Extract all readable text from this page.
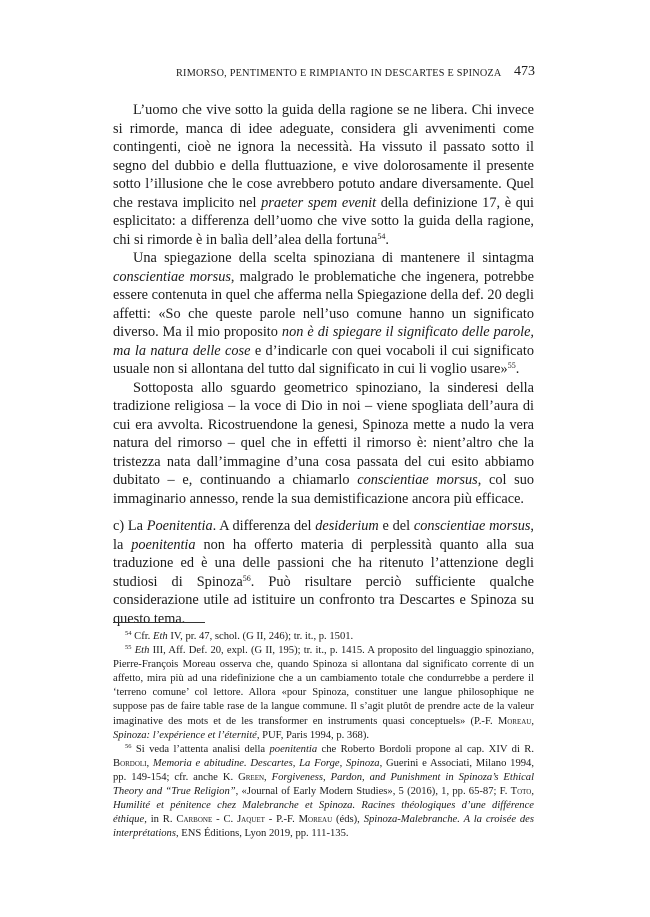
RIMORSO, PENTIMENTO E RIMPIANTO IN DESCARTES E SPINOZA 473

L’uomo che vive sotto la guida della ragione se ne libera. Chi invece si rimorde, manca di idee adeguate, considera gli avvenimenti come contingenti, cioè ne ignora la necessità. Ha vissuto il passato sotto il segno del dubbio e della fluttuazione, e vive dolorosamente il presente sotto l’illusione che le cose avrebbero potuto andare diversamente. Quel che restava implicito nel praeter spem evenit della definizione 17, è qui esplicitato: a differenza dell’uomo che vive sotto la guida della ragione, chi si rimorde è in balìa dell’alea della fortuna$^{54}$.

Una spiegazione della scelta spinoziana di mantenere il sintagma conscientiae morsus, malgrado le problematiche che ingenera, potrebbe essere contenuta in quel che afferma nella Spiegazione della def. 20 degli affetti: «So che queste parole nell’uso comune hanno un significato diverso. Ma il mio proposito non è di spiegare il significato delle parole, ma la natura delle cose e d’indicarle con quei vocaboli il cui significato usuale non si allontana del tutto dal significato in cui li voglio usare»$^{55}$.

Sottoposta allo sguardo geometrico spinoziano, la sinderesi della tradizione religiosa – la voce di Dio in noi – viene spogliata dell’aura di cui era avvolta. Ricostruendone la genesi, Spinoza mette a nudo la vera natura del rimorso – quel che in effetti il rimorso è: nient’altro che la tristezza nata dall’immagine d’una cosa passata del cui esito abbiamo dubitato – e, continuando a chiamarlo conscientiae morsus, col suo immaginario annesso, rende la sua demistificazione ancora più efficace.

c) La Poenitentia. A differenza del desiderium e del conscientiae morsus, la poenitentia non ha offerto materia di perplessità quanto alla sua traduzione ed è una delle passioni che ha ritenuto l’attenzione degli studiosi di Spinoza$^{56}$. Può risultare perciò sufficiente qualche considerazione utile ad istituire un confronto tra Descartes e Spinoza su questo tema.

$^{54}$ Cfr. Eth IV, pr. 47, schol. (G II, 246); tr. it., p. 1501.

$^{55}$ Eth III, Aff. Def. 20, expl. (G II, 195); tr. it., p. 1415. A proposito del linguaggio spinoziano, Pierre-François Moreau osserva che, quando Spinoza si allontana dal significato corrente di un affetto, mira più ad una ridefinizione che a un cambiamento totale che condurrebbe a perdere il ‘terreno comune’ col lettore. Allora «pour Spinoza, constituer une langue philosophique ne suppose pas de faire table rase de la langue commune. Il s’agit plutôt de prendre acte de la valeur imaginative des mots et de les transformer en instruments quasi conceptuels» (P.-F. Moreau, Spinoza: l’expérience et l’éternité, PUF, Paris 1994, p. 368).

$^{56}$ Si veda l’attenta analisi della poenitentia che Roberto Bordoli propone al cap. XIV di R. Bordoli, Memoria e abitudine. Descartes, La Forge, Spinoza, Guerini e Associati, Milano 1994, pp. 149-154; cfr. anche K. Green, Forgiveness, Pardon, and Punishment in Spinoza’s Ethical Theory and “True Religion”, «Journal of Early Modern Studies», 5 (2016), 1, pp. 65-87; F. Toto, Humilité et pénitence chez Malebranche et Spinoza. Racines théologiques d’une différence éthique, in R. Carbone - C. Jaquet - P.-F. Moreau (éds), Spinoza-Malebranche. A la croisée des interprétations, ENS Éditions, Lyon 2019, pp. 111-135.
